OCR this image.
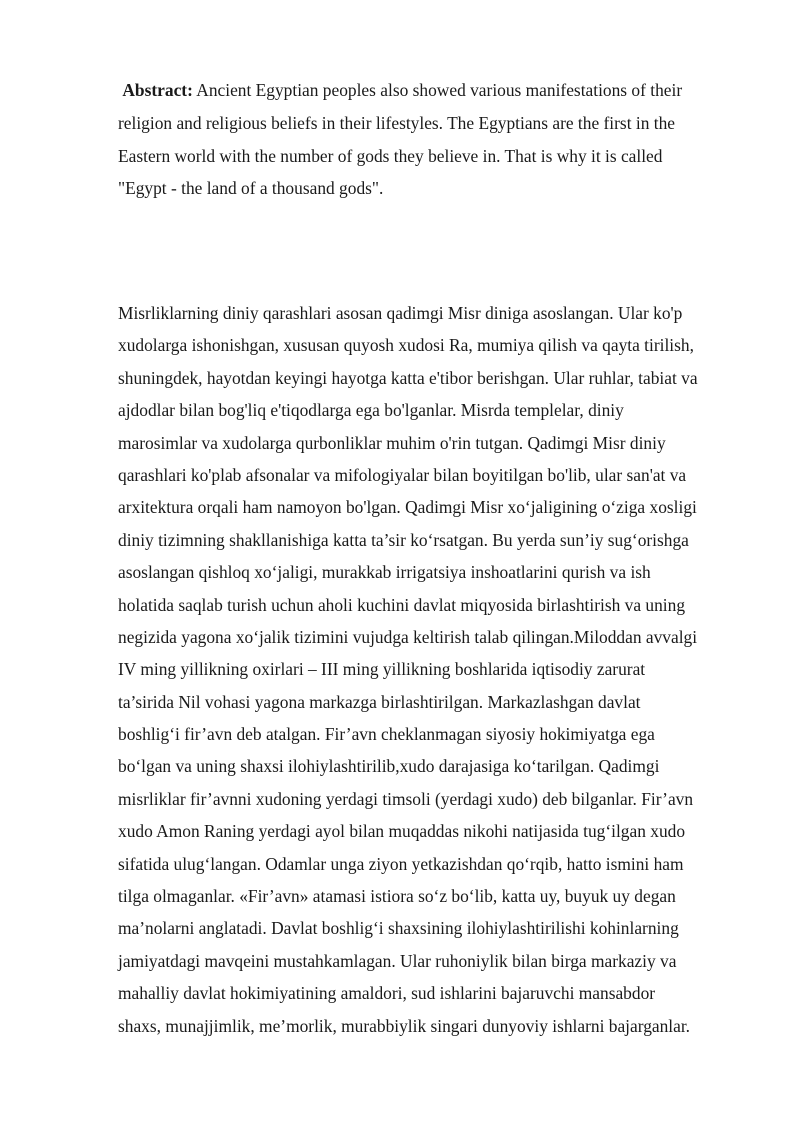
Abstract: Ancient Egyptian peoples also showed various manifestations of their
religion and religious beliefs in their lifestyles. The Egyptians are the first in the
Eastern world with the number of gods they believe in. That is why it is called
"Egypt - the land of a thousand gods".
Misrliklarning diniy qarashlari asosan qadimgi Misr diniga asoslangan. Ular ko'p
xudolarga ishonishgan, xususan quyosh xudosi Ra, mumiya qilish va qayta tirilish,
shuningdek, hayotdan keyingi hayotga katta e'tibor berishgan. Ular ruhlar, tabiat va
ajdodlar bilan bog'liq e'tiqodlarga ega bo'lganlar. Misrda templelar, diniy
marosimlar va xudolarga qurbonliklar muhim o'rin tutgan. Qadimgi Misr diniy
qarashlari ko'plab afsonalar va mifologiyalar bilan boyitilgan bo'lib, ular san'at va
arxitektura orqali ham namoyon bo'lgan. Qadimgi Misr xo‘jaligining o‘ziga xosligi
diniy tizimning shakllanishiga katta ta’sir ko‘rsatgan. Bu yerda sun’iy sug‘orishga
asoslangan qishloq xo‘jaligi, murakkab irrigatsiya inshoatlarini qurish va ish
holatida saqlab turish uchun aholi kuchini davlat miqyosida birlashtirish va uning
negizida yagona xo‘jalik tizimini vujudga keltirish talab qilingan.Miloddan avvalgi
IV ming yillikning oxirlari – III ming yillikning boshlarida iqtisodiy zarurat
ta’sirida Nil vohasi yagona markazga birlashtirilgan. Markazlashgan davlat
boshlig‘i fir’avn deb atalgan. Fir’avn cheklanmagan siyosiy hokimiyatga ega
bo‘lgan va uning shaxsi ilohiylashtirilib,xudo darajasiga ko‘tarilgan. Qadimgi
misrliklar fir’avnni xudoning yerdagi timsoli (yerdagi xudo) deb bilganlar. Fir’avn
xudo Amon Raning yerdagi ayol bilan muqaddas nikohi natijasida tug‘ilgan xudo
sifatida ulug‘langan. Odamlar unga ziyon yetkazishdan qo‘rqib, hatto ismini ham
tilga olmaganlar. «Fir’avn» atamasi istiora so‘z bo‘lib, katta uy, buyuk uy degan
ma’nolarni anglatadi. Davlat boshlig‘i shaxsining ilohiylashtirilishi kohinlarning
jamiyatdagi mavqeini mustahkamlagan. Ular ruhoniylik bilan birga markaziy va
mahalliy davlat hokimiyatining amaldori, sud ishlarini bajaruvchi mansabdor
shaxs, munajjimlik, me’morlik, murabbiylik singari dunyoviy ishlarni bajarganlar.
